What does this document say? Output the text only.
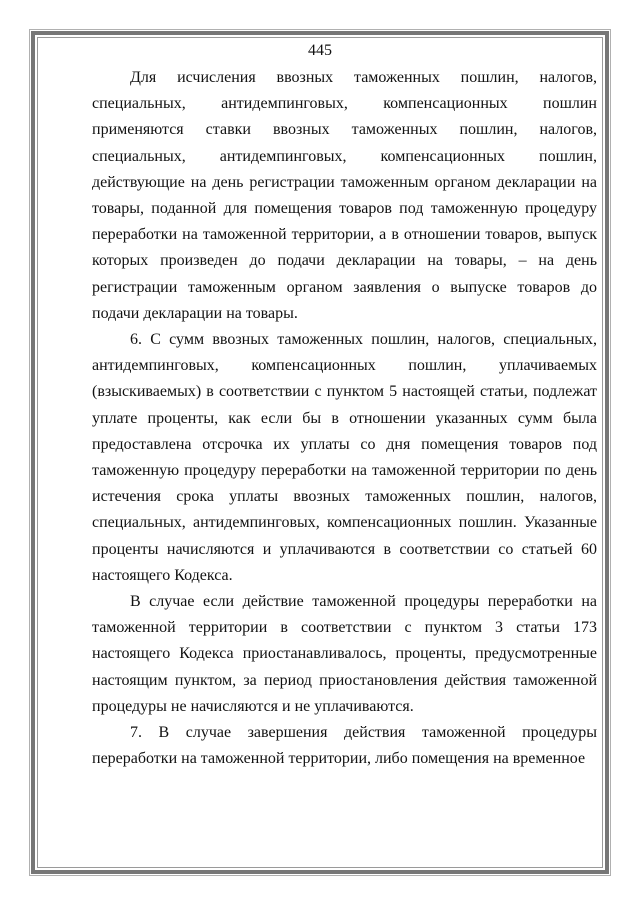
445

Для исчисления ввозных таможенных пошлин, налогов, специальных, антидемпинговых, компенсационных пошлин применяются ставки ввозных таможенных пошлин, налогов, специальных, антидемпинговых, компенсационных пошлин, действующие на день регистрации таможенным органом декларации на товары, поданной для помещения товаров под таможенную процедуру переработки на таможенной территории, а в отношении товаров, выпуск которых произведен до подачи декларации на товары, – на день регистрации таможенным органом заявления о выпуске товаров до подачи декларации на товары.

6. С сумм ввозных таможенных пошлин, налогов, специальных, антидемпинговых, компенсационных пошлин, уплачиваемых (взыскиваемых) в соответствии с пунктом 5 настоящей статьи, подлежат уплате проценты, как если бы в отношении указанных сумм была предоставлена отсрочка их уплаты со дня помещения товаров под таможенную процедуру переработки на таможенной территории по день истечения срока уплаты ввозных таможенных пошлин, налогов, специальных, антидемпинговых, компенсационных пошлин. Указанные проценты начисляются и уплачиваются в соответствии со статьей 60 настоящего Кодекса.

В случае если действие таможенной процедуры переработки на таможенной территории в соответствии с пунктом 3 статьи 173 настоящего Кодекса приостанавливалось, проценты, предусмотренные настоящим пунктом, за период приостановления действия таможенной процедуры не начисляются и не уплачиваются.

7. В случае завершения действия таможенной процедуры переработки на таможенной территории, либо помещения на временное
